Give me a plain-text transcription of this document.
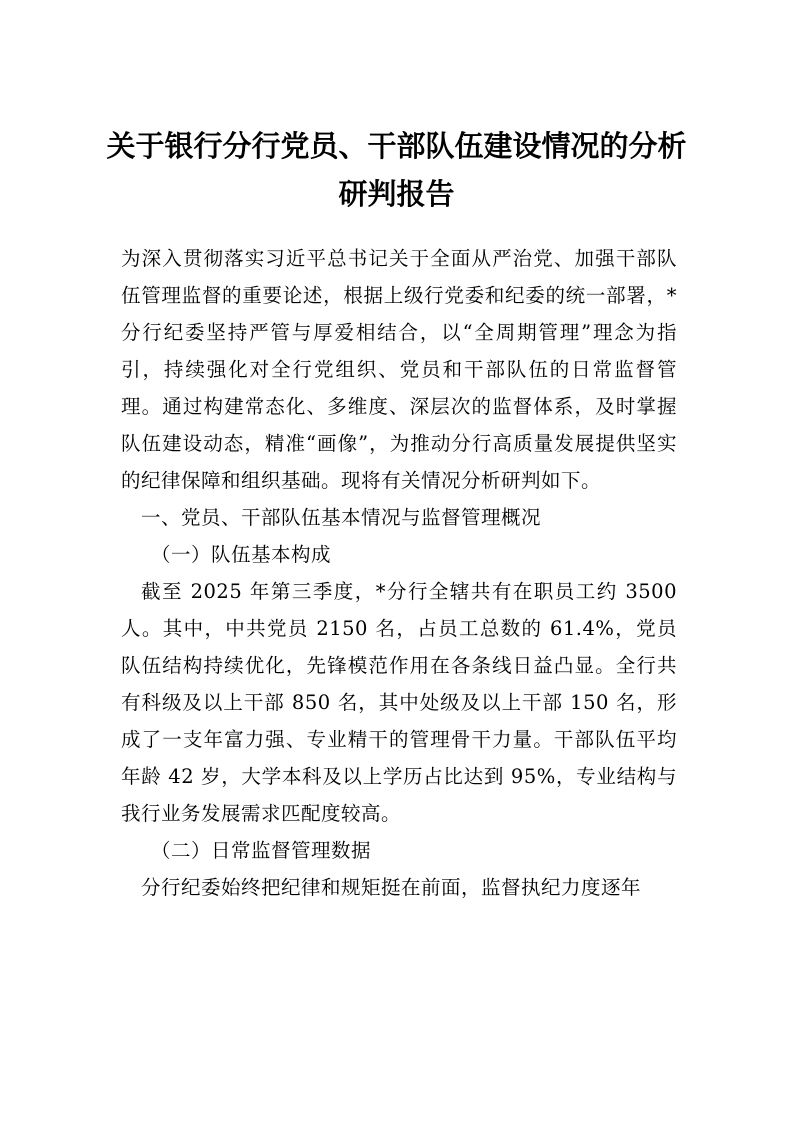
关于银行分行党员、干部队伍建设情况的分析研判报告

为深入贯彻落实习近平总书记关于全面从严治党、加强干部队伍管理监督的重要论述，根据上级行党委和纪委的统一部署，*分行纪委坚持严管与厚爱相结合，以“全周期管理”理念为指引，持续强化对全行党组织、党员和干部队伍的日常监督管理。通过构建常态化、多维度、深层次的监督体系，及时掌握队伍建设动态，精准“画像”，为推动分行高质量发展提供坚实的纪律保障和组织基础。现将有关情况分析研判如下。

一、党员、干部队伍基本情况与监督管理概况

（一）队伍基本构成

截至 2025 年第三季度，*分行全辖共有在职员工约 3500 人。其中，中共党员 2150 名，占员工总数的 61.4%，党员队伍结构持续优化，先锋模范作用在各条线日益凸显。全行共有科级及以上干部 850 名，其中处级及以上干部 150 名，形成了一支年富力强、专业精干的管理骨干力量。干部队伍平均年龄 42 岁，大学本科及以上学历占比达到 95%，专业结构与我行业务发展需求匹配度较高。

（二）日常监督管理数据

分行纪委始终把纪律和规矩挺在前面，监督执纪力度逐年
